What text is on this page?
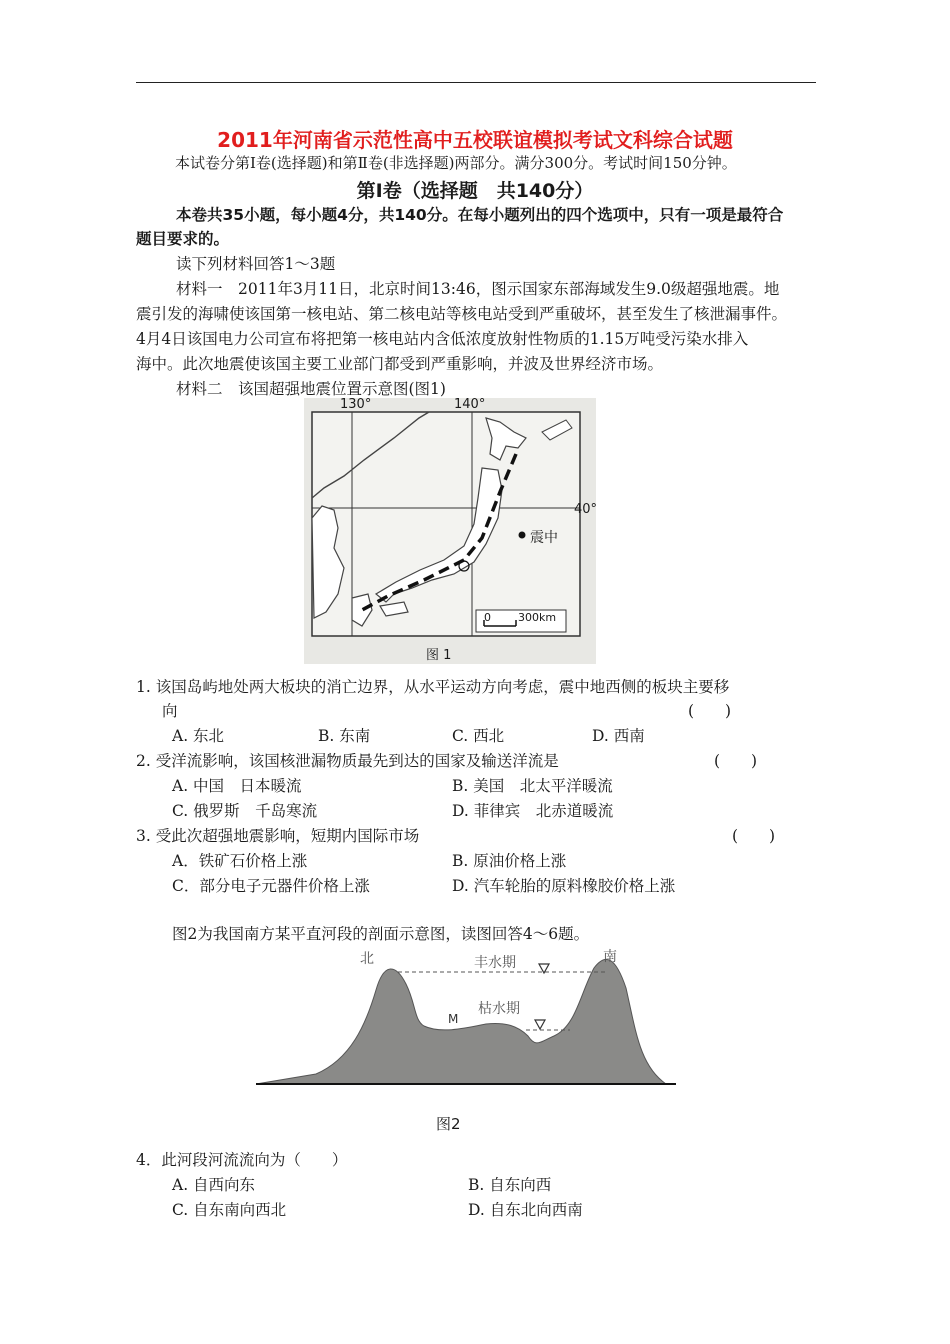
2011年河南省示范性高中五校联谊模拟考试文科综合试题
本试卷分第Ⅰ卷(选择题)和第Ⅱ卷(非选择题)两部分。满分300分。考试时间150分钟。
第Ⅰ卷（选择题　共140分）
本卷共35小题，每小题4分，共140分。在每小题列出的四个选项中，只有一项是最符合
题目要求的。
读下列材料回答1～3题
材料一　2011年3月11日，北京时间13:46，图示国家东部海域发生9.0级超强地震。地
震引发的海啸使该国第一核电站、第二核电站等核电站受到严重破坏，甚至发生了核泄漏事件。
4月4日该国电力公司宣布将把第一核电站内含低浓度放射性物质的1.15万吨受污染水排入
海中。此次地震使该国主要工业部门都受到严重影响，并波及世界经济市场。
材料二　该国超强地震位置示意图(图1)
130°	140°
40°
震中
0 300km
图 1
1. 该国岛屿地处两大板块的消亡边界，从水平运动方向考虑，震中地西侧的板块主要移
向	(　　)
A. 东北	B. 东南	C. 西北	D. 西南
2. 受洋流影响，该国核泄漏物质最先到达的国家及输送洋流是	(　　)
A. 中国　日本暖流	B. 美国　北太平洋暖流
C. 俄罗斯　千岛寒流	D. 菲律宾　北赤道暖流
3. 受此次超强地震影响，短期内国际市场	(　　)
A．铁矿石价格上涨	B. 原油价格上涨
C．部分电子元器件价格上涨	D. 汽车轮胎的原料橡胶价格上涨
图2为我国南方某平直河段的剖面示意图，读图回答4～6题。
北	南
丰水期
枯水期
M
图2
4．此河段河流流向为（　　）
A. 自西向东	B. 自东向西
C. 自东南向西北	D. 自东北向西南
